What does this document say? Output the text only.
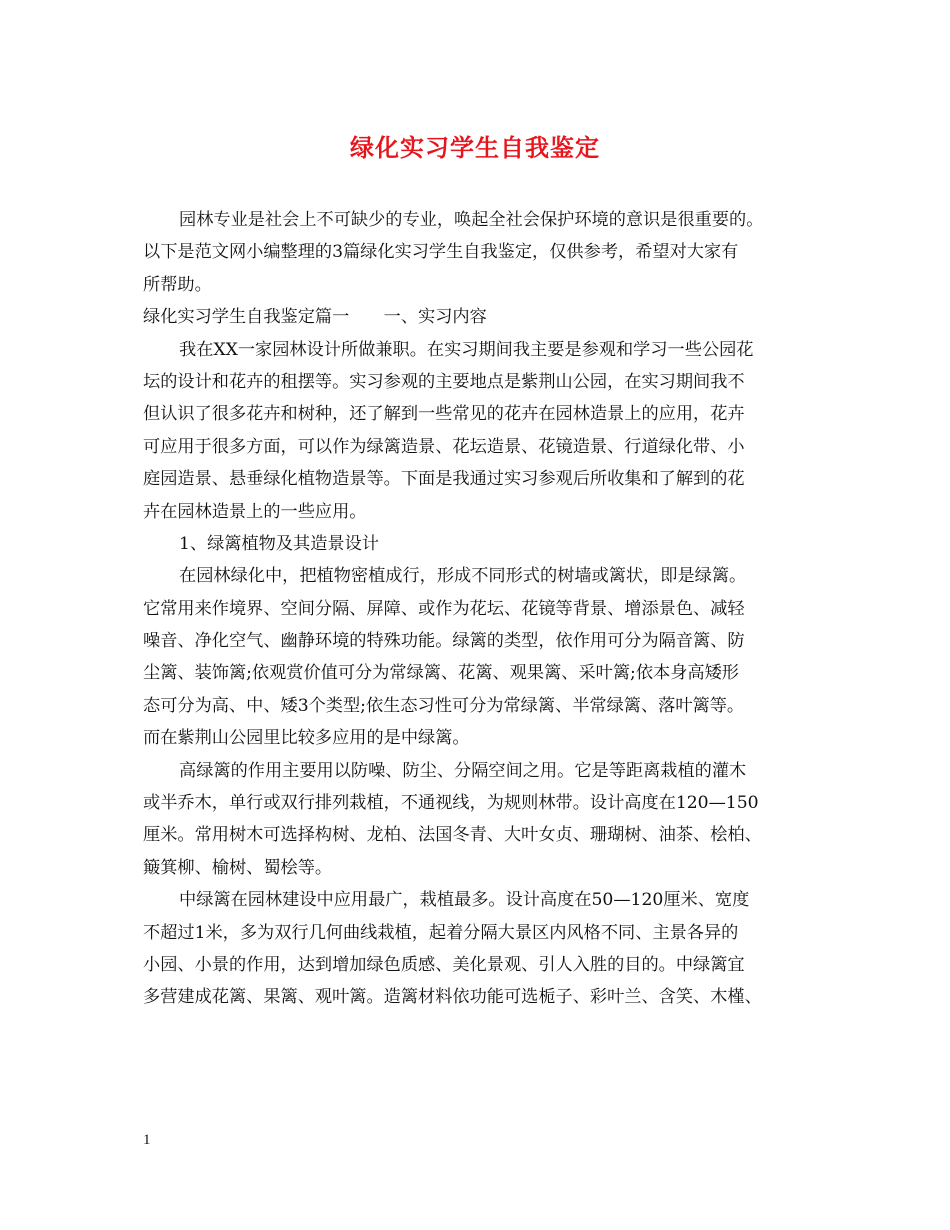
绿化实习学生自我鉴定
园林专业是社会上不可缺少的专业，唤起全社会保护环境的意识是很重要的。
以下是范文网小编整理的3篇绿化实习学生自我鉴定，仅供参考，希望对大家有
所帮助。
绿化实习学生自我鉴定篇一　　一、实习内容
我在XX一家园林设计所做兼职。在实习期间我主要是参观和学习一些公园花
坛的设计和花卉的租摆等。实习参观的主要地点是紫荆山公园，在实习期间我不
但认识了很多花卉和树种，还了解到一些常见的花卉在园林造景上的应用，花卉
可应用于很多方面，可以作为绿篱造景、花坛造景、花镜造景、行道绿化带、小
庭园造景、悬垂绿化植物造景等。下面是我通过实习参观后所收集和了解到的花
卉在园林造景上的一些应用。
1、绿篱植物及其造景设计
在园林绿化中，把植物密植成行，形成不同形式的树墙或篱状，即是绿篱。
它常用来作境界、空间分隔、屏障、或作为花坛、花镜等背景、增添景色、减轻
噪音、净化空气、幽静环境的特殊功能。绿篱的类型，依作用可分为隔音篱、防
尘篱、装饰篱;依观赏价值可分为常绿篱、花篱、观果篱、采叶篱;依本身高矮形
态可分为高、中、矮3个类型;依生态习性可分为常绿篱、半常绿篱、落叶篱等。
而在紫荆山公园里比较多应用的是中绿篱。
高绿篱的作用主要用以防噪、防尘、分隔空间之用。它是等距离栽植的灌木
或半乔木，单行或双行排列栽植，不通视线，为规则林带。设计高度在120—150
厘米。常用树木可选择构树、龙柏、法国冬青、大叶女贞、珊瑚树、油茶、桧柏、
簸箕柳、榆树、蜀桧等。
中绿篱在园林建设中应用最广，栽植最多。设计高度在50—120厘米、宽度
不超过1米，多为双行几何曲线栽植，起着分隔大景区内风格不同、主景各异的
小园、小景的作用，达到增加绿色质感、美化景观、引人入胜的目的。中绿篱宜
多营建成花篱、果篱、观叶篱。造篱材料依功能可选栀子、彩叶兰、含笑、木槿、
1
